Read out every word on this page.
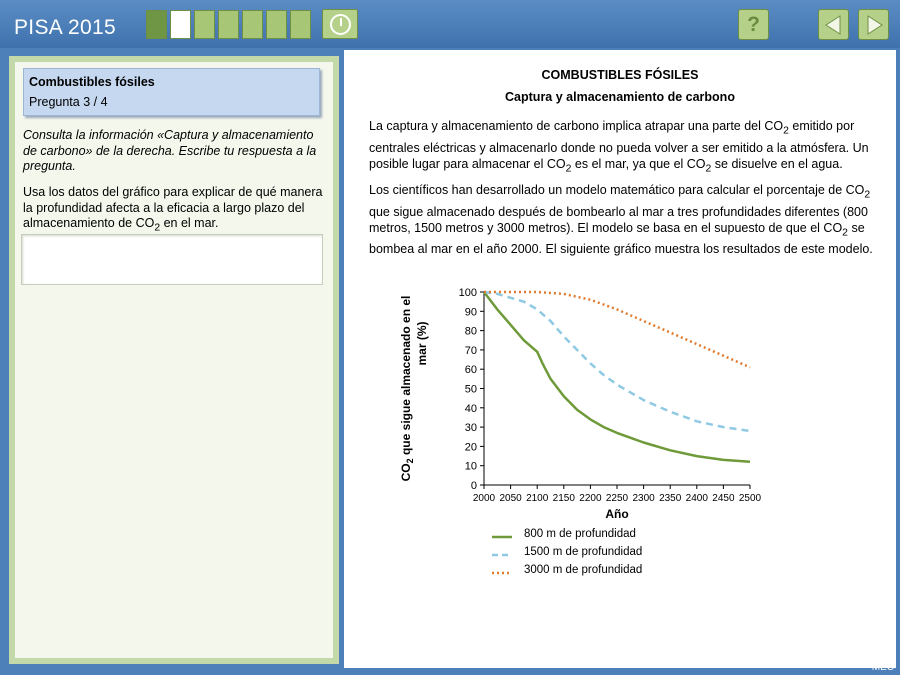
PISA 2015	?
Combustibles fósiles
Pregunta 3 / 4
Consulta la información «Captura y almacenamiento de carbono» de la derecha. Escribe tu respuesta a la pregunta.
Usa los datos del gráfico para explicar de qué manera la profundidad afecta a la eficacia a largo plazo del almacenamiento de $CO_2$ en el mar.
COMBUSTIBLES FÓSILES
Captura y almacenamiento de carbono
La captura y almacenamiento de carbono implica atrapar una parte del $CO_2$ emitido por centrales eléctricas y almacenarlo donde no pueda volver a ser emitido a la atmósfera. Un posible lugar para almacenar el $CO_2$ es el mar, ya que el $CO_2$ se disuelve en el agua.
Los científicos han desarrollado un modelo matemático para calcular el porcentaje de $CO_2$ que sigue almacenado después de bombearlo al mar a tres profundidades diferentes (800 metros, 1500 metros y 3000 metros). El modelo se basa en el supuesto de que el $CO_2$ se bombea al mar en el año 2000. El siguiente gráfico muestra los resultados de este modelo.
0
10
20
30
40
50
60
70
80
90
100
2000 2050 2100 2150 2200 2250 2300 2350 2400 2450 2500
Año
$CO_2$ que sigue almacenado en el mar (%)
800 m de profundidad
1500 m de profundidad
3000 m de profundidad
MEC
